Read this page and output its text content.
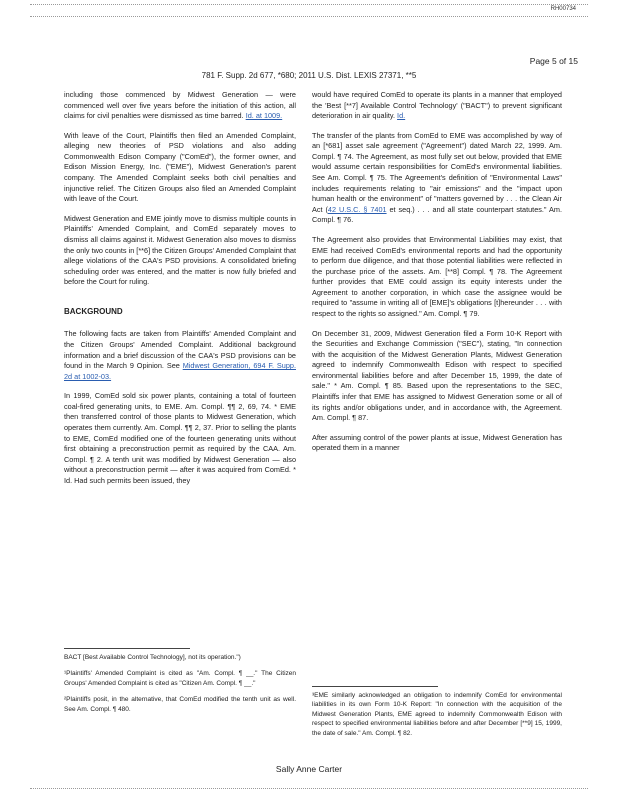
RH00734
Page 5 of 15
781 F. Supp. 2d 677, *680; 2011 U.S. Dist. LEXIS 27371, **5

including those commenced by Midwest Generation — were commenced well over five years before the initiation of this action, all claims for civil penalties were dismissed as time barred. Id. at 1009.

With leave of the Court, Plaintiffs then filed an Amended Complaint, alleging new theories of PSD violations and also adding Commonwealth Edison Company ("ComEd"), the former owner, and Edison Mission Energy, Inc. ("EME"), Midwest Generation's parent company. The Amended Complaint seeks both civil penalties and injunctive relief. The Citizen Groups also filed an Amended Complaint with leave of the Court.

Midwest Generation and EME jointly move to dismiss multiple counts in Plaintiffs' Amended Complaint, and ComEd separately moves to dismiss all claims against it. Midwest Generation also moves to dismiss the only two counts in [**6] the Citizen Groups' Amended Complaint that allege violations of the CAA's PSD provisions. A consolidated briefing scheduling order was entered, and the matter is now fully briefed and before the Court for ruling.

BACKGROUND

The following facts are taken from Plaintiffs' Amended Complaint and the Citizen Groups' Amended Complaint. Additional background information and a brief discussion of the CAA's PSD provisions can be found in the March 9 Opinion. See Midwest Generation, 694 F. Supp. 2d at 1002-03.

In 1999, ComEd sold six power plants, containing a total of fourteen coal-fired generating units, to EME. Am. Compl. ¶¶ 2, 69, 74. * EME then transferred control of those plants to Midwest Generation, which operates them currently. Am. Compl. ¶¶ 2, 37. Prior to selling the plants to EME, ComEd modified one of the fourteen generating units without first obtaining a preconstruction permit as required by the CAA. Am. Compl. ¶ 2. A tenth unit was modified by Midwest Generation — also without a preconstruction permit — after it was acquired from ComEd. * Id. Had such permits been issued, they

would have required ComEd to operate its plants in a manner that employed the 'Best [**7] Available Control Technology' ("BACT") to prevent significant deterioration in air quality. Id.

The transfer of the plants from ComEd to EME was accomplished by way of an [*681] asset sale agreement ("Agreement") dated March 22, 1999. Am. Compl. ¶ 74. The Agreement, as most fully set out below, provided that EME would assume certain responsibilities for ComEd's environmental liabilities. See Am. Compl. ¶ 75. The Agreement's definition of "Environmental Laws" includes requirements relating to "air emissions" and the "impact upon human health or the environment" of "matters governed by . . . the Clean Air Act (42 U.S.C. § 7401 et seq.) . . . and all state counterpart statutes." Am. Compl. ¶ 76.

The Agreement also provides that Environmental Liabilities may exist, that EME had received ComEd's environmental reports and had the opportunity to perform due diligence, and that those potential liabilities were reflected in the purchase price of the assets. Am. [**8] Compl. ¶ 78. The Agreement further provides that EME could assign its equity interests under the Agreement to another corporation, in which case the assignee would be required to "assume in writing all of [EME]'s obligations [t]hereunder . . . with respect to the rights so assigned." Am. Compl. ¶ 79.

On December 31, 2009, Midwest Generation filed a Form 10-K Report with the Securities and Exchange Commission ("SEC"), stating, "In connection with the acquisition of the Midwest Generation Plants, Midwest Generation agreed to indemnify Commonwealth Edison with respect to specified environmental liabilities before and after December 15, 1999, the date of sale." * Am. Compl. ¶ 85. Based upon the representations to the SEC, Plaintiffs infer that EME has assigned to Midwest Generation some or all of its rights and/or obligations under, and in accordance with, the Agreement. Am. Compl. ¶ 87.

After assuming control of the power plants at issue, Midwest Generation has operated them in a manner

BACT [Best Available Control Technology], not its operation.")

¹Plaintiffs' Amended Complaint is cited as "Am. Compl. ¶ __." The Citizen Groups' Amended Complaint is cited as "Citizen Am. Compl. ¶ __."

²Plaintiffs posit, in the alternative, that ComEd modified the tenth unit as well. See Am. Compl. ¶ 480.

³EME similarly acknowledged an obligation to indemnify ComEd for environmental liabilities in its own Form 10-K Report: "In connection with the acquisition of the Midwest Generation Plants, EME agreed to indemnify Commonwealth Edison with respect to specified environmental liabilities before and after December [**9] 15, 1999, the date of sale." Am. Compl. ¶ 82.

Sally Anne Carter
